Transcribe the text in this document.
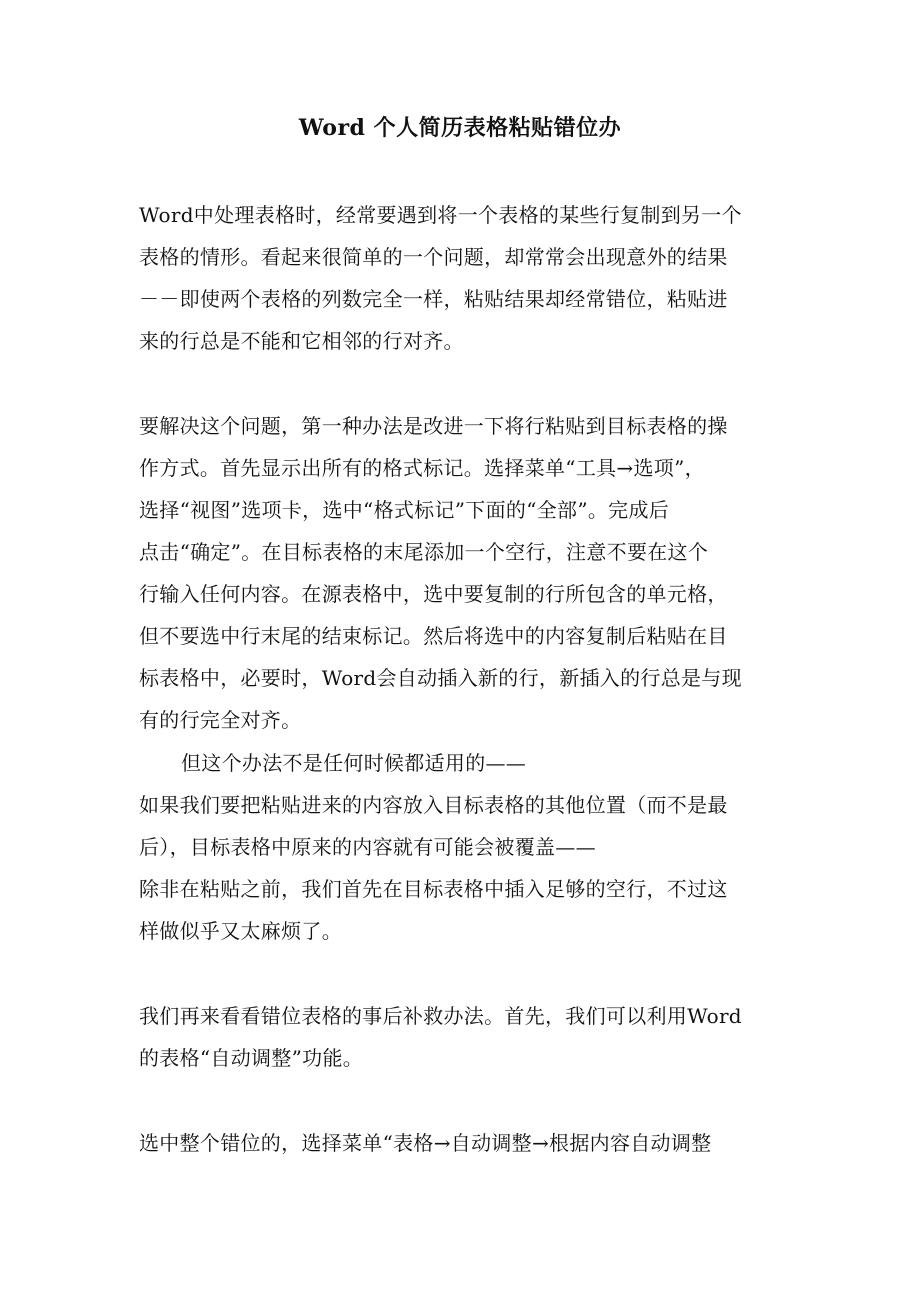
Word 个人简历表格粘贴错位办
Word中处理表格时，经常要遇到将一个表格的某些行复制到另一个
表格的情形。看起来很简单的一个问题，却常常会出现意外的结果
－－即使两个表格的列数完全一样，粘贴结果却经常错位，粘贴进
来的行总是不能和它相邻的行对齐。
要解决这个问题，第一种办法是改进一下将行粘贴到目标表格的操
作方式。首先显示出所有的格式标记。选择菜单“工具→选项”，
选择“视图”选项卡，选中“格式标记”下面的“全部”。完成后
点击“确定”。在目标表格的末尾添加一个空行，注意不要在这个
行输入任何内容。在源表格中，选中要复制的行所包含的单元格，
但不要选中行末尾的结束标记。然后将选中的内容复制后粘贴在目
标表格中，必要时，Word会自动插入新的行，新插入的行总是与现
有的行完全对齐。
但这个办法不是任何时候都适用的——
如果我们要把粘贴进来的内容放入目标表格的其他位置（而不是最
后），目标表格中原来的内容就有可能会被覆盖——
除非在粘贴之前，我们首先在目标表格中插入足够的空行，不过这
样做似乎又太麻烦了。
我们再来看看错位表格的事后补救办法。首先，我们可以利用Word
的表格“自动调整”功能。
选中整个错位的，选择菜单“表格→自动调整→根据内容自动调整
